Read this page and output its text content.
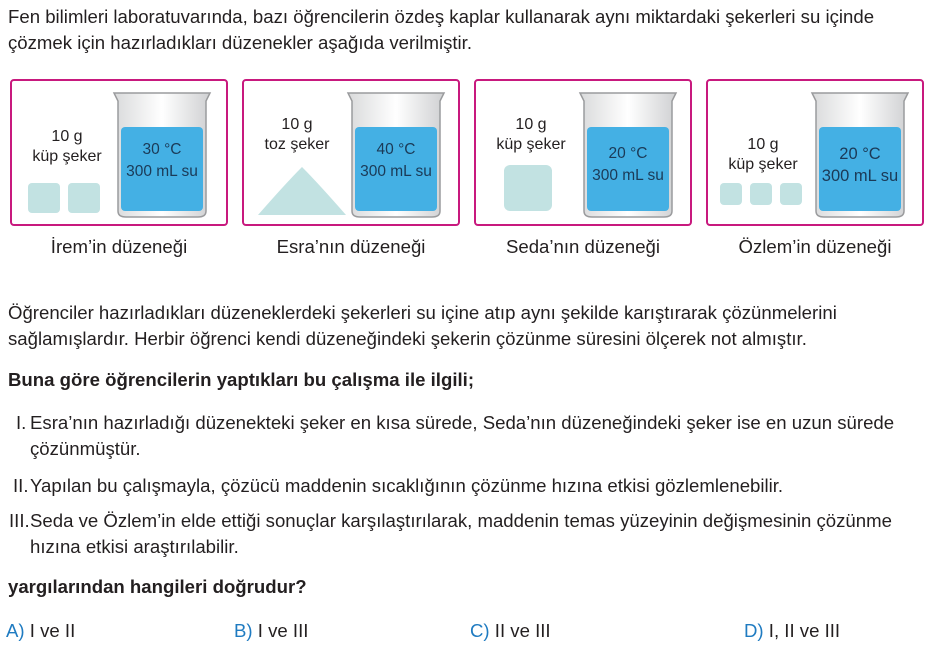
Fen bilimleri laboratuvarında, bazı öğrencilerin özdeş kaplar kullanarak aynı miktardaki şekerleri su içinde çözmek için hazırladıkları düzenekler aşağıda verilmiştir.

10 g
küp şeker	30 °C
300 mL su
İrem’in düzeneği
10 g
toz şeker	40 °C
300 mL su
Esra’nın düzeneği
10 g
küp şeker
20 °C
300 mL su
Seda’nın düzeneği
10 g
küp şeker
20 °C
300 mL su
Özlem’in düzeneği

Öğrenciler hazırladıkları düzeneklerdeki şekerleri su içine atıp aynı şekilde karıştırarak çözünmelerini sağlamışlardır. Herbir öğrenci kendi düzeneğindeki şekerin çözünme süresini ölçerek not almıştır.

Buna göre öğrencilerin yaptıkları bu çalışma ile ilgili;

I. Esra’nın hazırladığı düzenekteki şeker en kısa sürede, Seda’nın düzeneğindeki şeker ise en uzun sürede çözünmüştür.
II. Yapılan bu çalışmayla, çözücü maddenin sıcaklığının çözünme hızına etkisi gözlemlenebilir.
III. Seda ve Özlem’in elde ettiği sonuçlar karşılaştırılarak, maddenin temas yüzeyinin değişmesinin çözünme hızına etkisi araştırılabilir.

yargılarından hangileri doğrudur?

A) I ve II	B) I ve III	C) II ve III	D) I, II ve III
